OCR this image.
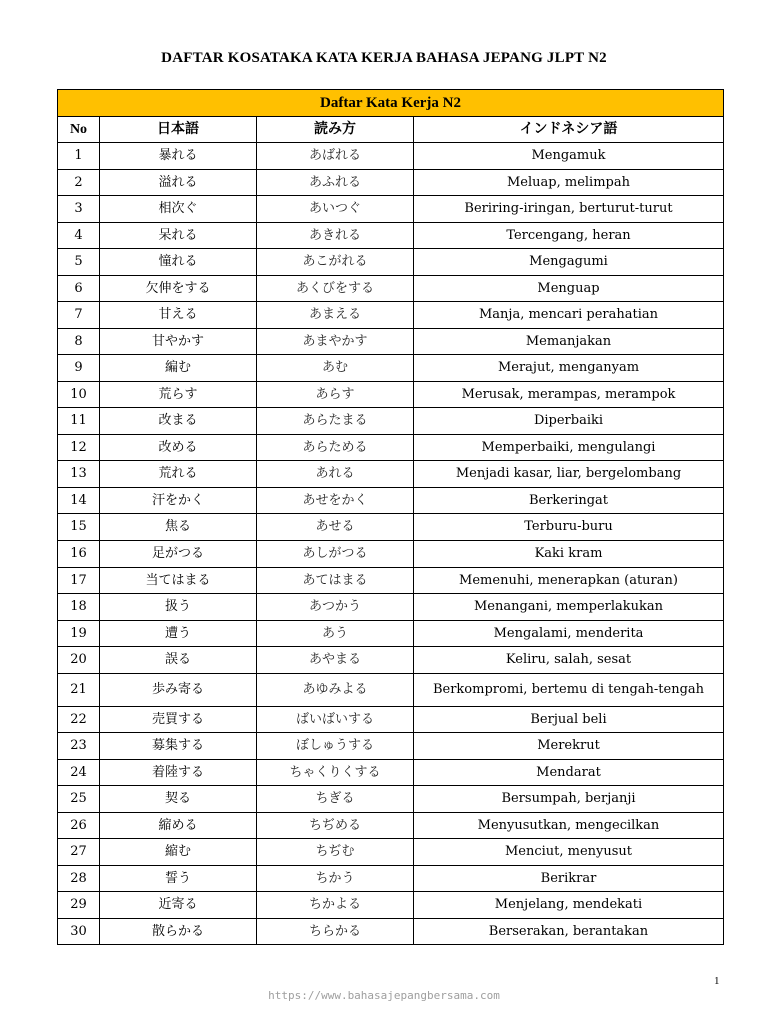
DAFTAR KOSATAKA KATA KERJA BAHASA JEPANG JLPT N2
Daftar Kata Kerja N2			
No	日本語	読み方	インドネシア語
1	暴れる	あばれる	Mengamuk
2	溢れる	あふれる	Meluap, melimpah
3	相次ぐ	あいつぐ	Beriring-iringan, berturut-turut
4	呆れる	あきれる	Tercengang, heran
5	憧れる	あこがれる	Mengagumi
6	欠伸をする	あくびをする	Menguap
7	甘える	あまえる	Manja, mencari perahatian
8	甘やかす	あまやかす	Memanjakan
9	編む	あむ	Merajut, menganyam
10	荒らす	あらす	Merusak, merampas, merampok
11	改まる	あらたまる	Diperbaiki
12	改める	あらためる	Memperbaiki, mengulangi
13	荒れる	あれる	Menjadi kasar, liar, bergelombang
14	汗をかく	あせをかく	Berkeringat
15	焦る	あせる	Terburu-buru
16	足がつる	あしがつる	Kaki kram
17	当てはまる	あてはまる	Memenuhi, menerapkan (aturan)
18	扱う	あつかう	Menangani, memperlakukan
19	遭う	あう	Mengalami, menderita
20	誤る	あやまる	Keliru, salah, sesat
21	歩み寄る	あゆみよる	Berkompromi, bertemu di tengah-tengah
22	売買する	ばいばいする	Berjual beli
23	募集する	ぼしゅうする	Merekrut
24	着陸する	ちゃくりくする	Mendarat
25	契る	ちぎる	Bersumpah, berjanji
26	縮める	ちぢめる	Menyusutkan, mengecilkan
27	縮む	ちぢむ	Menciut, menyusut
28	誓う	ちかう	Berikrar
29	近寄る	ちかよる	Menjelang, mendekati
30	散らかる	ちらかる	Berserakan, berantakan
1
https://www.bahasajepangbersama.com
